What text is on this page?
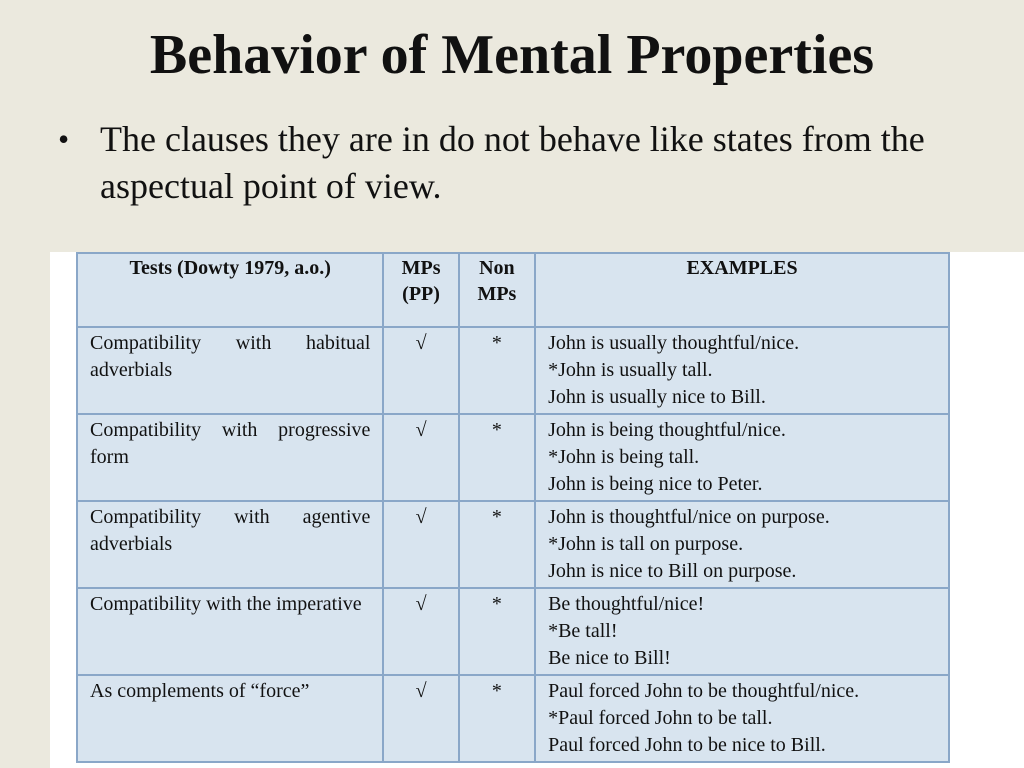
Behavior of Mental Properties
• The clauses they are in do not behave like states from the aspectual point of view.
Tests (Dowty 1979, a.o.)	MPs (PP)	Non MPs	EXAMPLES
Compatibility with habitual adverbials	√	*	John is usually thoughtful/nice.
*John is usually tall.
John is usually nice to Bill.

Compatibility with progressive form	√	*	John is being thoughtful/nice.
*John is being tall.
John is being nice to Peter.

Compatibility with agentive adverbials	√	*	John is thoughtful/nice on purpose.
*John is tall on purpose.
John is nice to Bill on purpose.

Compatibility with the imperative	√	*	Be thoughtful/nice!
*Be tall!
Be nice to Bill!

As complements of “force”	√	*	Paul forced John to be thoughtful/nice.
*Paul forced John to be tall.
Paul forced John to be nice to Bill.
